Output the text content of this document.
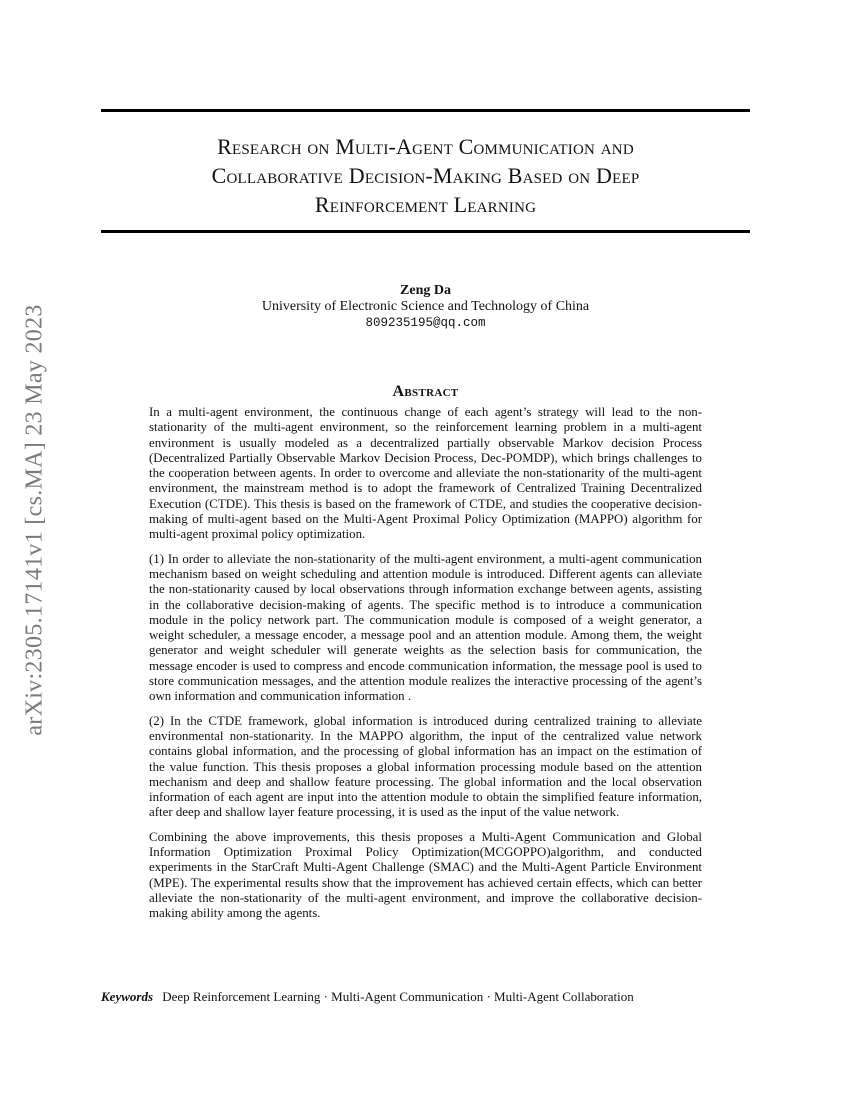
arXiv:2305.17141v1 [cs.MA] 23 May 2023
Research on Multi-Agent Communication and
Collaborative Decision-Making Based on Deep
Reinforcement Learning
Zeng Da
University of Electronic Science and Technology of China
809235195@qq.com
Abstract

In a multi-agent environment, the continuous change of each agent’s strategy will lead to the non-stationarity of the multi-agent environment, so the reinforcement learning problem in a multi-agent environment is usually modeled as a decentralized partially observable Markov decision Process (Decentralized Partially Observable Markov Decision Process, Dec-POMDP), which brings challenges to the cooperation between agents. In order to overcome and alleviate the non-stationarity of the multi-agent environment, the mainstream method is to adopt the framework of Centralized Training Decentralized Execution (CTDE). This thesis is based on the framework of CTDE, and studies the cooperative decision-making of multi-agent based on the Multi-Agent Proximal Policy Optimization (MAPPO) algorithm for multi-agent proximal policy optimization.

(1) In order to alleviate the non-stationarity of the multi-agent environment, a multi-agent communication mechanism based on weight scheduling and attention module is introduced. Different agents can alleviate the non-stationarity caused by local observations through information exchange between agents, assisting in the collaborative decision-making of agents. The specific method is to introduce a communication module in the policy network part. The communication module is composed of a weight generator, a weight scheduler, a message encoder, a message pool and an attention module. Among them, the weight generator and weight scheduler will generate weights as the selection basis for communication, the message encoder is used to compress and encode communication information, the message pool is used to store communication messages, and the attention module realizes the interactive processing of the agent’s own information and communication information .

(2) In the CTDE framework, global information is introduced during centralized training to alleviate environmental non-stationarity. In the MAPPO algorithm, the input of the centralized value network contains global information, and the processing of global information has an impact on the estimation of the value function. This thesis proposes a global information processing module based on the attention mechanism and deep and shallow feature processing. The global information and the local observation information of each agent are input into the attention module to obtain the simplified feature information, after deep and shallow layer feature processing, it is used as the input of the value network.

Combining the above improvements, this thesis proposes a Multi-Agent Communication and Global Information Optimization Proximal Policy Optimization(MCGOPPO)algorithm, and conducted experiments in the StarCraft Multi-Agent Challenge (SMAC) and the Multi-Agent Particle Environment (MPE). The experimental results show that the improvement has achieved certain effects, which can better alleviate the non-stationarity of the multi-agent environment, and improve the collaborative decision-making ability among the agents.

Keywords Deep Reinforcement Learning · Multi-Agent Communication · Multi-Agent Collaboration
